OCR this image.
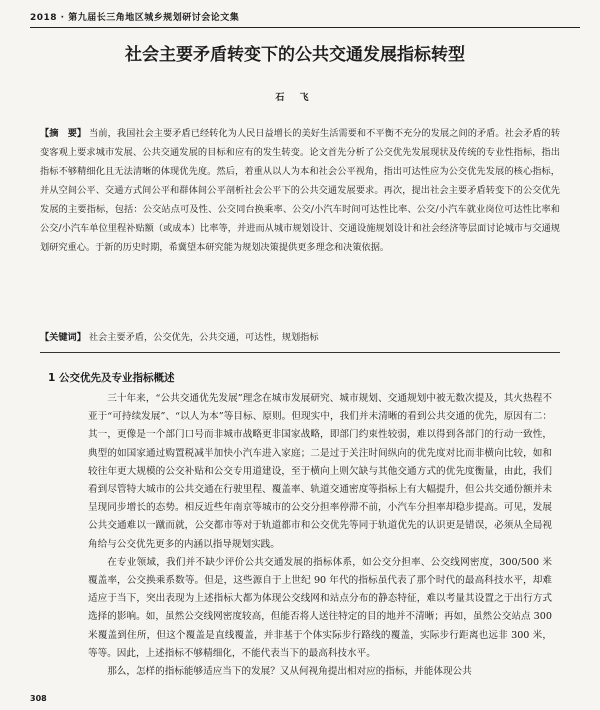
2018 · 第九届长三角地区城乡规划研讨会论文集
社会主要矛盾转变下的公共交通发展指标转型
石 飞
【摘　要】 当前，我国社会主要矛盾已经转化为人民日益增长的美好生活需要和不平衡不充分的发展之间的矛盾。社会矛盾的转变客观上要求城市发展、公共交通发展的目标和应有的发生转变。论文首先分析了公交优先发展现状及传统的专业性指标，指出指标不够精细化且无法清晰的体现优先度。然后，着重从以人为本和社会公平视角，指出可达性应为公交优先发展的核心指标，并从空间公平、交通方式间公平和群体间公平剖析社会公平下的公共交通发展要求。再次，提出社会主要矛盾转变下的公交优先发展的主要指标，包括：公交站点可及性、公交同台换乘率、公交/小汽车时间可达性比率、公交/小汽车就业岗位可达性比率和公交/小汽车单位里程补贴额（或成本）比率等，并进而从城市规划设计、交通设施规划设计和社会经济等层面讨论城市与交通规划研究重心。于新的历史时期，希冀望本研究能为规划决策提供更多理念和决策依据。
【关键词】 社会主要矛盾，公交优先，公共交通，可达性，规划指标
1 公交优先及专业指标概述

三十年来，“公共交通优先发展”理念在城市发展研究、城市规划、交通规划中被无数次提及，其火热程不亚于“可持续发展”、“以人为本”等目标、原则。但现实中，我们并未清晰的看到公共交通的优先，原因有二：其一，更像是一个部门口号而非城市战略更非国家战略，即部门约束性较弱，难以得到各部门的行动一致性，典型的如国家通过购置税减半加快小汽车进入家庭；二是过于关注时间纵向的优先度对比而非横向比较，如和较往年更大规模的公交补贴和公交专用道建设，至于横向上则欠缺与其他交通方式的优先度衡量，由此，我们看到尽管特大城市的公共交通在行驶里程、覆盖率、轨道交通密度等指标上有大幅提升，但公共交通份额并未呈现同步增长的态势。相反近些年南京等城市的公交分担率停滞不前，小汽车分担率却稳步提高。可见，发展公共交通难以一蹴而就，公交都市等对于轨道都市和公交优先等同于轨道优先的认识更是错误，必须从全局视角给与公交优先更多的内涵以指导规划实践。

在专业领域，我们并不缺少评价公共交通发展的指标体系，如公交分担率、公交线网密度，300/500 米覆盖率，公交换乘系数等。但是，这些源自于上世纪 90 年代的指标虽代表了那个时代的最高科技水平，却难适应于当下，突出表现为上述指标大都为体现公交线网和站点分布的静态特征，难以考量其设置之于出行方式选择的影响。如，虽然公交线网密度较高，但能否将人送往特定的目的地并不清晰；再如，虽然公交站点 300 米覆盖到住所，但这个覆盖是直线覆盖，并非基于个体实际步行路线的覆盖，实际步行距离也远非 300 米，等等。因此，上述指标不够精细化，不能代表当下的最高科技水平。

那么，怎样的指标能够适应当下的发展？又从何视角提出相对应的指标，并能体现公共

308
